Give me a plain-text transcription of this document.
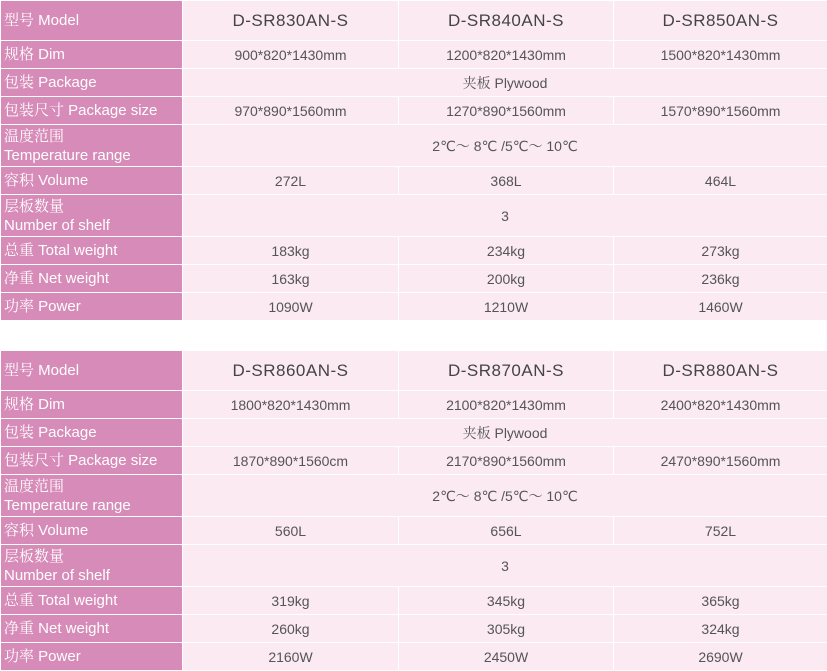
型号 Model	D-SR830AN-S	D-SR840AN-S	D-SR850AN-S
规格 Dim	900*820*1430mm	1200*820*1430mm	1500*820*1430mm
包装 Package	夹板 Plywood		
包装尺寸 Package size	970*890*1560mm	1270*890*1560mm	1570*890*1560mm

温度范围
Temperature range	2℃～ 8℃ /5℃～ 10℃		
容积 Volume	272L	368L	464L

层板数量
Number of shelf	3		
总重 Total weight	183kg	234kg	273kg
净重 Net weight	163kg	200kg	236kg
功率 Power	1090W	1210W	1460W
型号 Model	D-SR860AN-S	D-SR870AN-S	D-SR880AN-S
规格 Dim	1800*820*1430mm	2100*820*1430mm	2400*820*1430mm
包装 Package	夹板 Plywood		
包装尺寸 Package size	1870*890*1560cm	2170*890*1560mm	2470*890*1560mm

温度范围
Temperature range	2℃～ 8℃ /5℃～ 10℃		
容积 Volume	560L	656L	752L

层板数量
Number of shelf	3		
总重 Total weight	319kg	345kg	365kg
净重 Net weight	260kg	305kg	324kg
功率 Power	2160W	2450W	2690W
